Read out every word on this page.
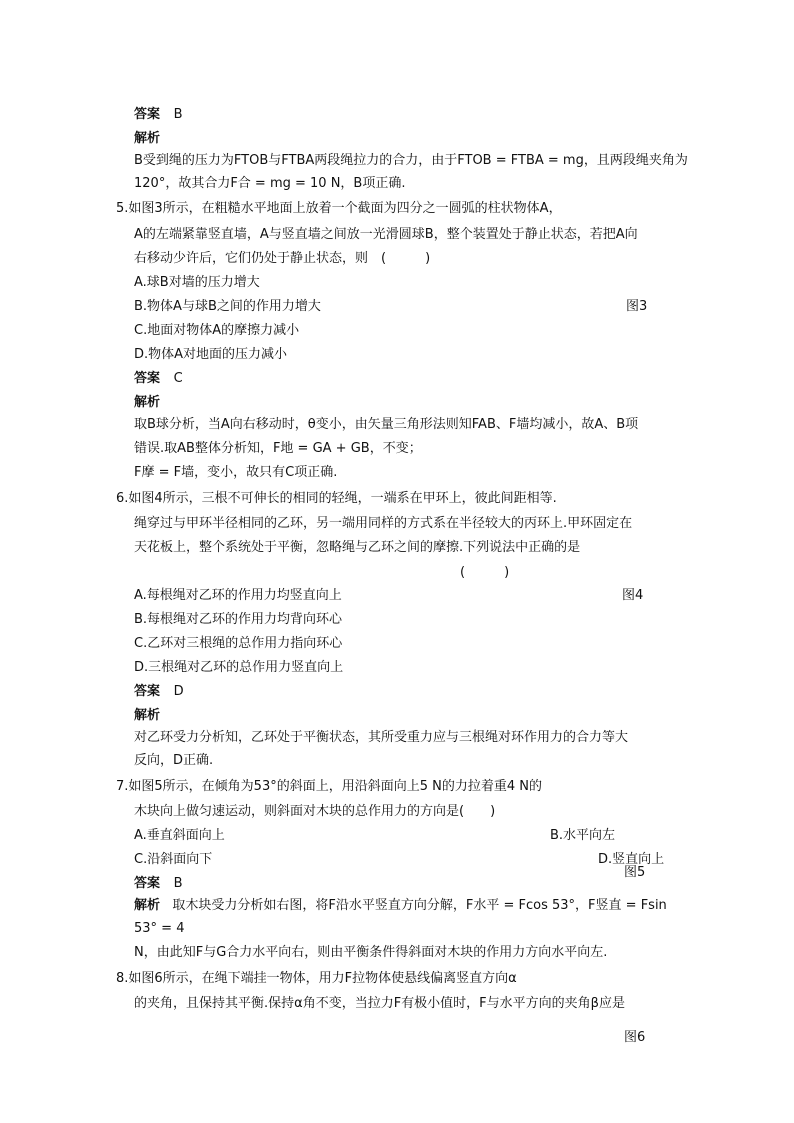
答案 B
解析
B受到绳的压力为FTOB与FTBA两段绳拉力的合力，由于FTOB = FTBA = mg，且两段绳夹角为
120°，故其合力F合 = mg = 10 N，B项正确.
5.如图3所示，在粗糙水平地面上放着一个截面为四分之一圆弧的柱状物体A，
A的左端紧靠竖直墙，A与竖直墙之间放一光滑圆球B，整个装置处于静止状态，若把A向
右移动少许后，它们仍处于静止状态，则　(　　　)
A.球B对墙的压力增大
B.物体A与球B之间的作用力增大	图3
C.地面对物体A的摩擦力减小
D.物体A对地面的压力减小
答案 C
解析
取B球分析，当A向右移动时，θ变小，由矢量三角形法则知FAB、F墙均减小，故A、B项
错误.取AB整体分析知，F地 = GA + GB，不变；
F摩 = F墙，变小，故只有C项正确.
6.如图4所示，三根不可伸长的相同的轻绳，一端系在甲环上，彼此间距相等.
绳穿过与甲环半径相同的乙环，另一端用同样的方式系在半径较大的丙环上.甲环固定在
天花板上，整个系统处于平衡，忽略绳与乙环之间的摩擦.下列说法中正确的是
(　　　)
A.每根绳对乙环的作用力均竖直向上	图4
B.每根绳对乙环的作用力均背向环心
C.乙环对三根绳的总作用力指向环心
D.三根绳对乙环的总作用力竖直向上
答案 D
解析
对乙环受力分析知，乙环处于平衡状态，其所受重力应与三根绳对环作用力的合力等大
反向，D正确.
7.如图5所示，在倾角为53°的斜面上，用沿斜面向上5 N的力拉着重4 N的
木块向上做匀速运动，则斜面对木块的总作用力的方向是(　　)
A.垂直斜面向上	B.水平向左
C.沿斜面向下	D.竖直向上
图5
答案 B
解析 取木块受力分析如右图，将F沿水平竖直方向分解，F水平 = Fcos 53°，F竖直 = Fsin
53° = 4
N，由此知F与G合力水平向右，则由平衡条件得斜面对木块的作用力方向水平向左.
8.如图6所示，在绳下端挂一物体，用力F拉物体使悬线偏离竖直方向α
的夹角，且保持其平衡.保持α角不变，当拉力F有极小值时，F与水平方向的夹角β应是
图6
